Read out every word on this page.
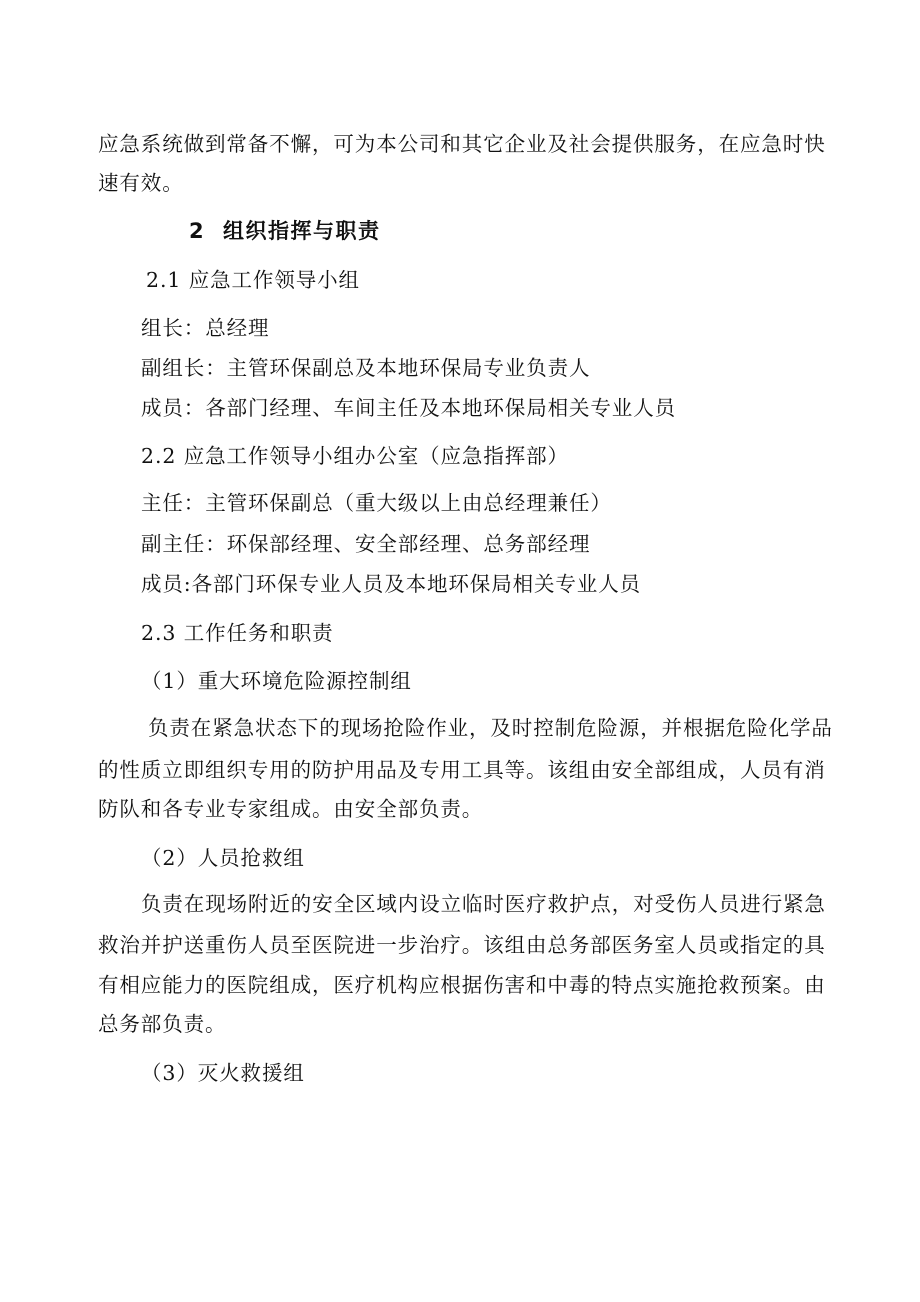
应急系统做到常备不懈，可为本公司和其它企业及社会提供服务，在应急时快
速有效。
2 组织指挥与职责
2.1 应急工作领导小组
组长：总经理
副组长：主管环保副总及本地环保局专业负责人
成员：各部门经理、车间主任及本地环保局相关专业人员
2.2 应急工作领导小组办公室（应急指挥部）
主任：主管环保副总（重大级以上由总经理兼任）
副主任：环保部经理、安全部经理、总务部经理
成员:各部门环保专业人员及本地环保局相关专业人员
2.3 工作任务和职责
（1）重大环境危险源控制组
负责在紧急状态下的现场抢险作业，及时控制危险源，并根据危险化学品
的性质立即组织专用的防护用品及专用工具等。该组由安全部组成，人员有消
防队和各专业专家组成。由安全部负责。
（2）人员抢救组
负责在现场附近的安全区域内设立临时医疗救护点，对受伤人员进行紧急
救治并护送重伤人员至医院进一步治疗。该组由总务部医务室人员或指定的具
有相应能力的医院组成，医疗机构应根据伤害和中毒的特点实施抢救预案。由
总务部负责。
（3）灭火救援组
